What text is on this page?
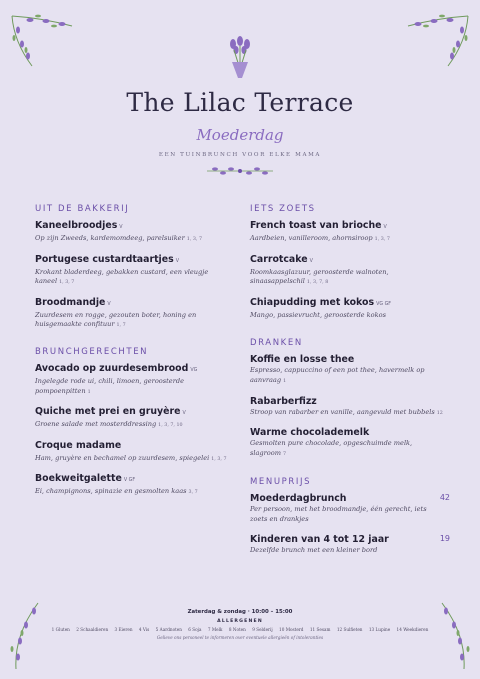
The Lilac Terrace
Moederdag
EEN TUINBRUNCH VOOR ELKE MAMA
UIT DE BAKKERIJ
Kaneelbroodjes V
Op zijn Zweeds, kardemomdeeg, parelsuiker 1, 3, 7
Portugese custardtaartjes V
Krokant bladerdeeg, gebakken custard, een vleugje kaneel 1, 3, 7
Broodmandje V
Zuurdesem en rogge, gezouten boter, honing en huisgemaakte confituur 1, 7
BRUNCHGERECHTEN
Avocado op zuurdesembrood VG
Ingelegde rode ui, chili, limoen, geroosterde pompoenpitten 1
Quiche met prei en gruyère V
Groene salade met mosterddressing 1, 3, 7, 10
Croque madame
Ham, gruyère en bechamel op zuurdesem, spiegelei 1, 3, 7
Boekweitgalette V GF
Ei, champignons, spinazie en gesmolten kaas 3, 7
IETS ZOETS
French toast van brioche V
Aardbeien, vanilleroom, ahornsiroop 1, 3, 7
Carrotcake V
Roomkaasglazuur, geroosterde walnoten, sinaasappelschil 1, 3, 7, 8
Chiapudding met kokos VG GF
Mango, passievrucht, geroosterde kokos
DRANKEN
Koffie en losse thee
Espresso, cappuccino of een pot thee, havermelk op aanvraag 1
Rabarberfizz
Stroop van rabarber en vanille, aangevuld met bubbels 12
Warme chocolademelk
Gesmolten pure chocolade, opgeschuimde melk, slagroom 7
MENUPRIJS
Moederdagbrunch
Per persoon, met het broodmandje, één gerecht, iets zoets en drankjes
42
Kinderen van 4 tot 12 jaar
Dezelfde brunch met een kleiner bord
19
Zaterdag & zondag · 10:00 – 15:00
ALLERGENEN
1 Gluten 2 Schaaldieren 3 Eieren 4 Vis 5 Aardnoten 6 Soja 7 Melk 8 Noten 9 Selderij 10 Mosterd 11 Sesam 12 Sulfieten 13 Lupine 14 Weekdieren
Gelieve ons personeel te informeren over eventuele allergieën of intoleranties
